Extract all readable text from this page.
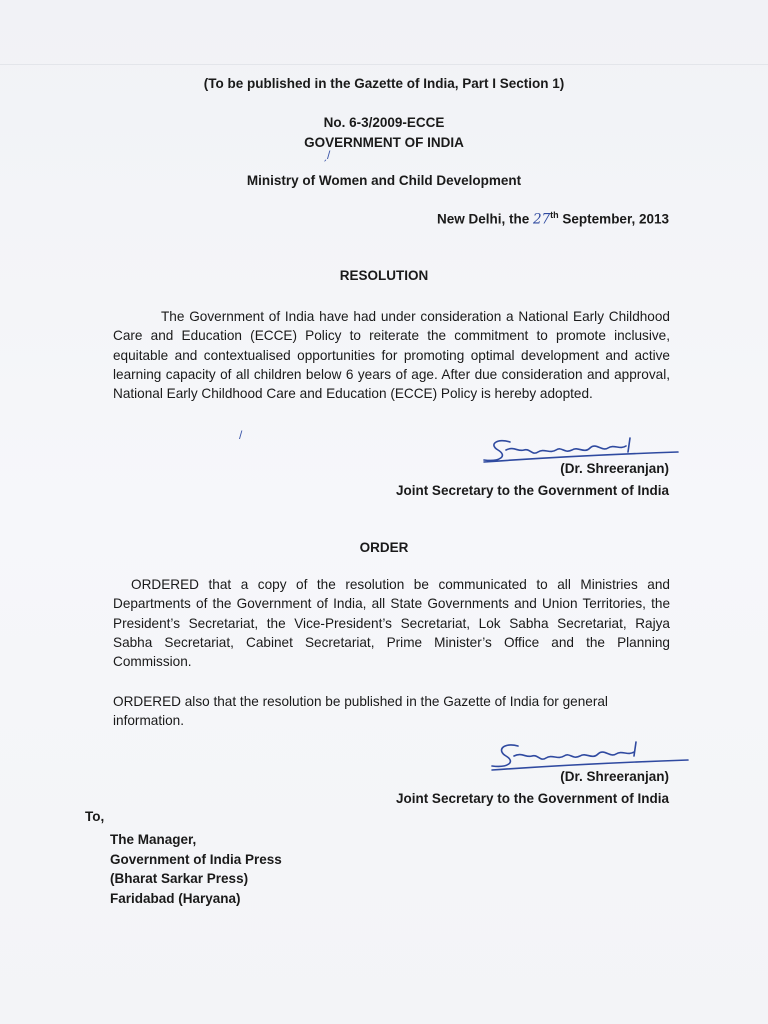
(To be published in the Gazette of India, Part I Section 1)
No. 6-3/2009-ECCE
GOVERNMENT OF INDIA
ˏ/
Ministry of Women and Child Development
New Delhi, the 27th September, 2013
RESOLUTION
The Government of India have had under consideration a National Early Childhood Care and Education (ECCE) Policy to reiterate the commitment to promote inclusive, equitable and contextualised opportunities for promoting optimal development and active learning capacity of all children below 6 years of age. After due consideration and approval, National Early Childhood Care and Education (ECCE) Policy is hereby adopted.
/
(Dr. Shreeranjan)
Joint Secretary to the Government of India
ORDER
ORDERED that a copy of the resolution be communicated to all Ministries and Departments of the Government of India, all State Governments and Union Territories, the President’s Secretariat, the Vice-President’s Secretariat, Lok Sabha Secretariat, Rajya Sabha Secretariat, Cabinet Secretariat, Prime Minister’s Office and the Planning Commission.
ORDERED also that the resolution be published in the Gazette of India for general information.
(Dr. Shreeranjan)
Joint Secretary to the Government of India
To,
The Manager,
Government of India Press
(Bharat Sarkar Press)
Faridabad (Haryana)
